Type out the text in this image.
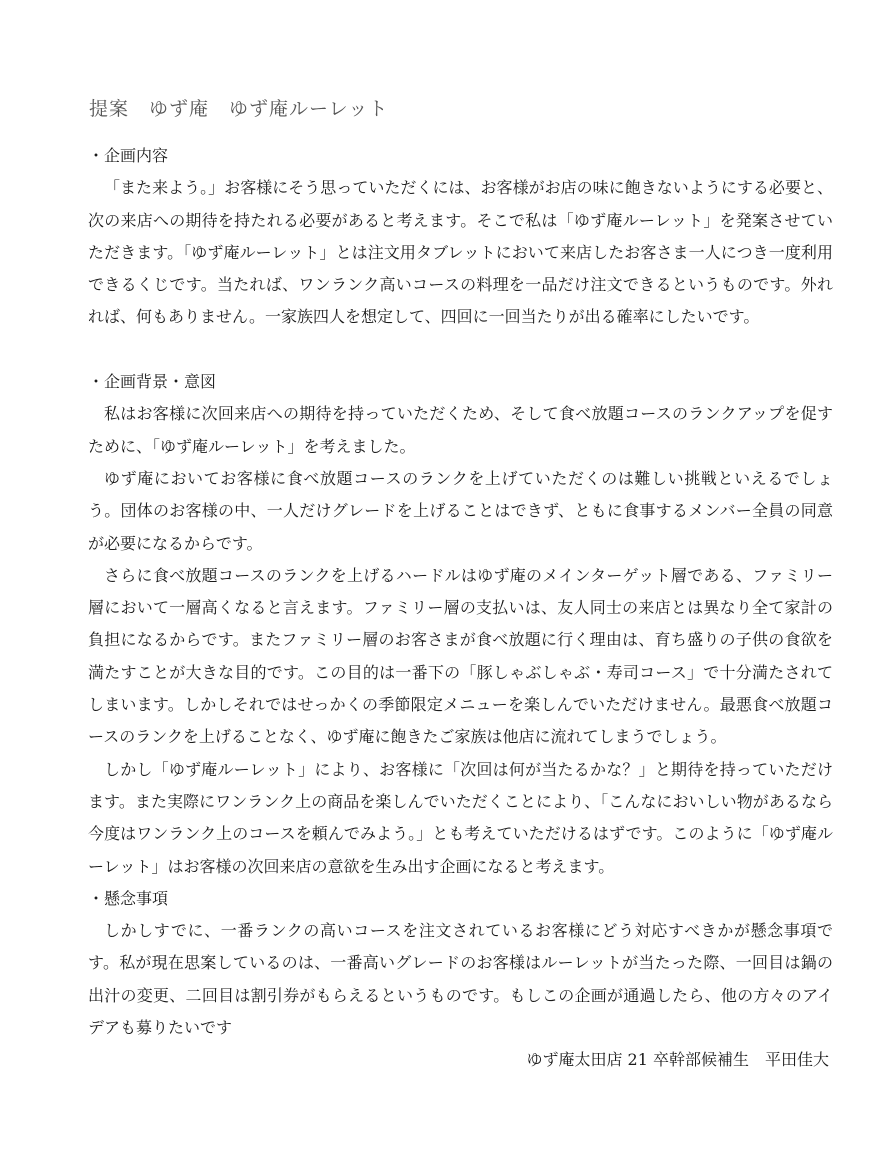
提案　ゆず庵　ゆず庵ルーレット

・企画内容

「また来よう。」お客様にそう思っていただくには、お客様がお店の味に飽きないようにする必要と、次の来店への期待を持たれる必要があると考えます。そこで私は「ゆず庵ルーレット」を発案させていただきます。「ゆず庵ルーレット」とは注文用タブレットにおいて来店したお客さま一人につき一度利用できるくじです。当たれば、ワンランク高いコースの料理を一品だけ注文できるというものです。外れれば、何もありません。一家族四人を想定して、四回に一回当たりが出る確率にしたいです。

・企画背景・意図

私はお客様に次回来店への期待を持っていただくため、そして食べ放題コースのランクアップを促すために、「ゆず庵ルーレット」を考えました。

ゆず庵においてお客様に食べ放題コースのランクを上げていただくのは難しい挑戦といえるでしょう。団体のお客様の中、一人だけグレードを上げることはできず、ともに食事するメンバー全員の同意が必要になるからです。

さらに食べ放題コースのランクを上げるハードルはゆず庵のメインターゲット層である、ファミリー層において一層高くなると言えます。ファミリー層の支払いは、友人同士の来店とは異なり全て家計の負担になるからです。またファミリー層のお客さまが食べ放題に行く理由は、育ち盛りの子供の食欲を満たすことが大きな目的です。この目的は一番下の「豚しゃぶしゃぶ・寿司コース」で十分満たされてしまいます。しかしそれではせっかくの季節限定メニューを楽しんでいただけません。最悪食べ放題コースのランクを上げることなく、ゆず庵に飽きたご家族は他店に流れてしまうでしょう。

しかし「ゆず庵ルーレット」により、お客様に「次回は何が当たるかな？」と期待を持っていただけます。また実際にワンランク上の商品を楽しんでいただくことにより、「こんなにおいしい物があるなら今度はワンランク上のコースを頼んでみよう。」とも考えていただけるはずです。このように「ゆず庵ルーレット」はお客様の次回来店の意欲を生み出す企画になると考えます。

・懸念事項

しかしすでに、一番ランクの高いコースを注文されているお客様にどう対応すべきかが懸念事項です。私が現在思案しているのは、一番高いグレードのお客様はルーレットが当たった際、一回目は鍋の出汁の変更、二回目は割引券がもらえるというものです。もしこの企画が通過したら、他の方々のアイデアも募りたいです

ゆず庵太田店 21 卒幹部候補生　平田佳大
